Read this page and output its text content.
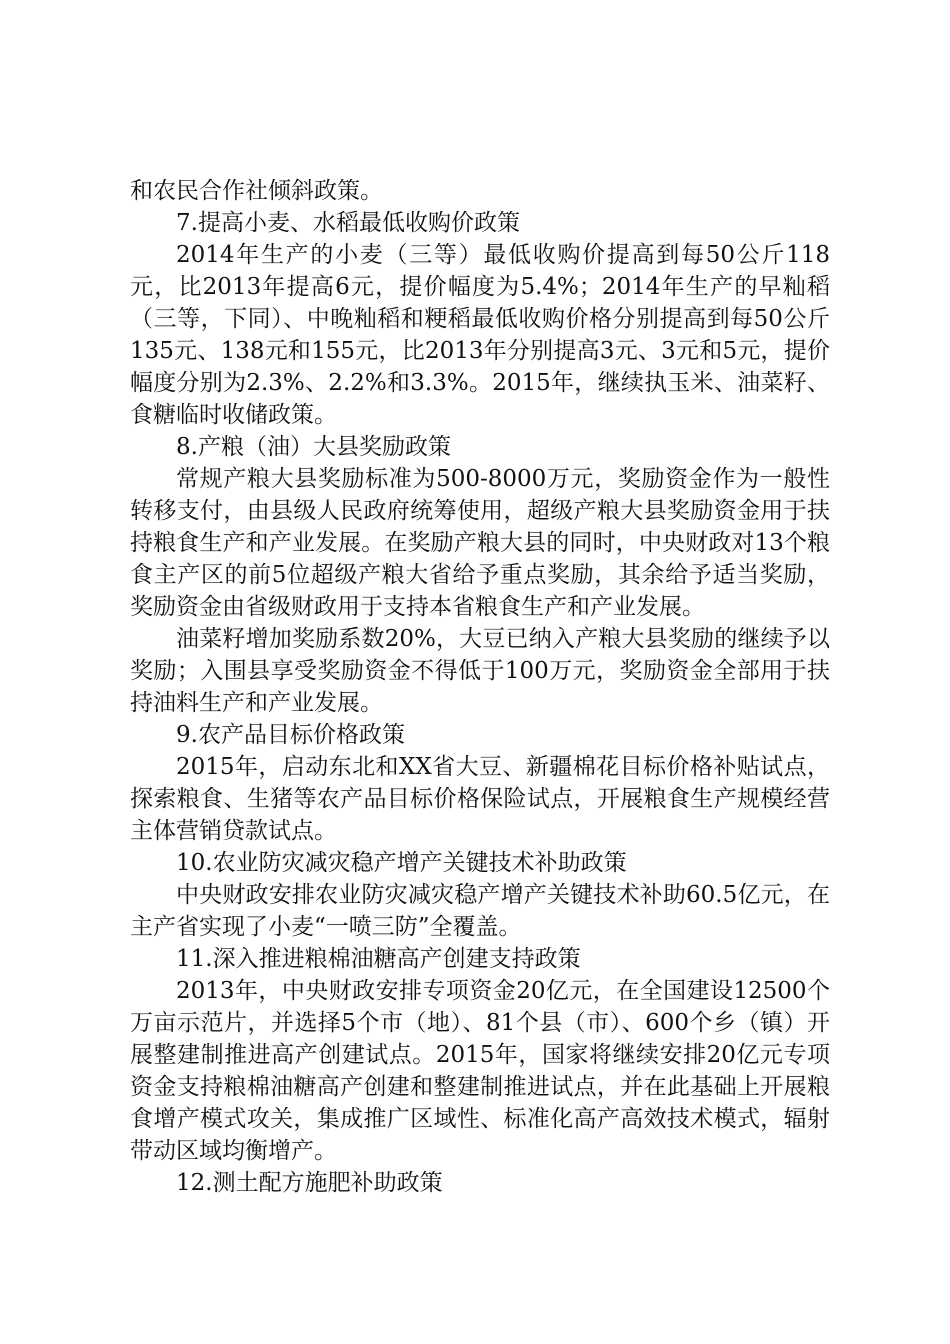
和农民合作社倾斜政策。

7.提高小麦、水稻最低收购价政策

2014年生产的小麦（三等）最低收购价提高到每50公斤118元，比2013年提高6元，提价幅度为5.4%；2014年生产的早籼稻（三等，下同）、中晚籼稻和粳稻最低收购价格分别提高到每50公斤135元、138元和155元，比2013年分别提高3元、3元和5元，提价幅度分别为2.3%、2.2%和3.3%。2015年，继续执玉米、油菜籽、食糖临时收储政策。

8.产粮（油）大县奖励政策

常规产粮大县奖励标准为500-8000万元，奖励资金作为一般性转移支付，由县级人民政府统筹使用，超级产粮大县奖励资金用于扶持粮食生产和产业发展。在奖励产粮大县的同时，中央财政对13个粮食主产区的前5位超级产粮大省给予重点奖励，其余给予适当奖励，奖励资金由省级财政用于支持本省粮食生产和产业发展。

油菜籽增加奖励系数20%，大豆已纳入产粮大县奖励的继续予以奖励；入围县享受奖励资金不得低于100万元，奖励资金全部用于扶持油料生产和产业发展。

9.农产品目标价格政策

2015年，启动东北和XX省大豆、新疆棉花目标价格补贴试点，探索粮食、生猪等农产品目标价格保险试点，开展粮食生产规模经营主体营销贷款试点。

10.农业防灾减灾稳产增产关键技术补助政策

中央财政安排农业防灾减灾稳产增产关键技术补助60.5亿元，在主产省实现了小麦“一喷三防”全覆盖。

11.深入推进粮棉油糖高产创建支持政策

2013年，中央财政安排专项资金20亿元，在全国建设12500个万亩示范片，并选择5个市（地）、81个县（市）、600个乡（镇）开展整建制推进高产创建试点。2015年，国家将继续安排20亿元专项资金支持粮棉油糖高产创建和整建制推进试点，并在此基础上开展粮食增产模式攻关，集成推广区域性、标准化高产高效技术模式，辐射带动区域均衡增产。

12.测土配方施肥补助政策
